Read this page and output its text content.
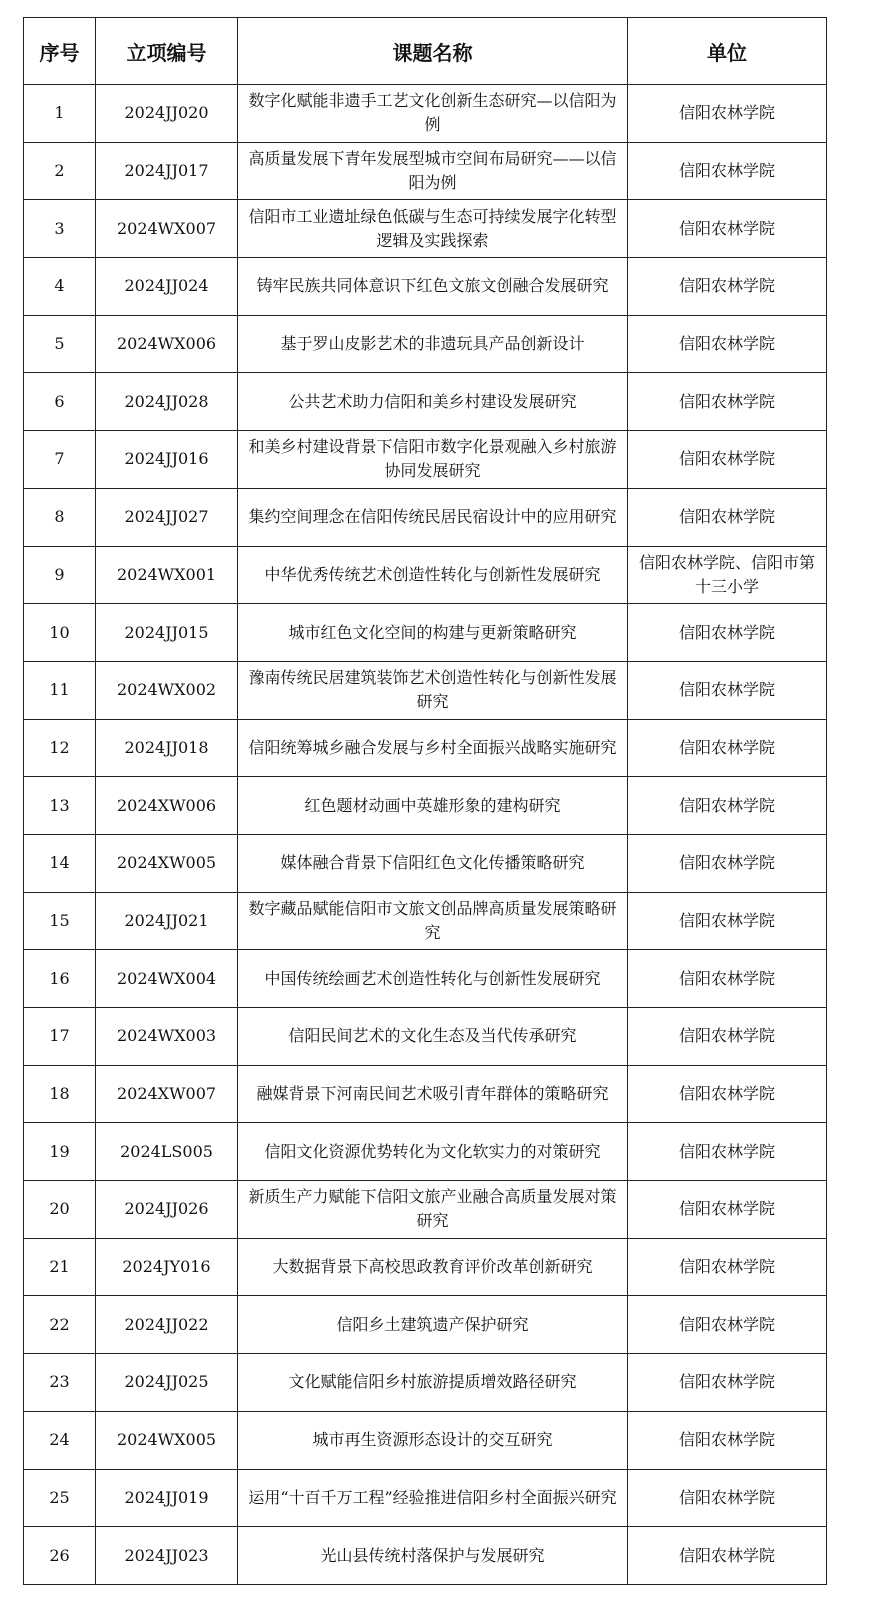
序号	立项编号	课题名称	单位
1	2024JJ020	数字化赋能非遗手工艺文化创新生态研究—以信阳为例	信阳农林学院
2	2024JJ017	高质量发展下青年发展型城市空间布局研究——以信阳为例	信阳农林学院
3	2024WX007	信阳市工业遗址绿色低碳与生态可持续发展字化转型逻辑及实践探索	信阳农林学院
4	2024JJ024	铸牢民族共同体意识下红色文旅文创融合发展研究	信阳农林学院
5	2024WX006	基于罗山皮影艺术的非遗玩具产品创新设计	信阳农林学院
6	2024JJ028	公共艺术助力信阳和美乡村建设发展研究	信阳农林学院
7	2024JJ016	和美乡村建设背景下信阳市数字化景观融入乡村旅游协同发展研究	信阳农林学院
8	2024JJ027	集约空间理念在信阳传统民居民宿设计中的应用研究	信阳农林学院
9	2024WX001	中华优秀传统艺术创造性转化与创新性发展研究	信阳农林学院、信阳市第十三小学
10	2024JJ015	城市红色文化空间的构建与更新策略研究	信阳农林学院
11	2024WX002	豫南传统民居建筑装饰艺术创造性转化与创新性发展研究	信阳农林学院
12	2024JJ018	信阳统筹城乡融合发展与乡村全面振兴战略实施研究	信阳农林学院
13	2024XW006	红色题材动画中英雄形象的建构研究	信阳农林学院
14	2024XW005	媒体融合背景下信阳红色文化传播策略研究	信阳农林学院
15	2024JJ021	数字藏品赋能信阳市文旅文创品牌高质量发展策略研究	信阳农林学院
16	2024WX004	中国传统绘画艺术创造性转化与创新性发展研究	信阳农林学院
17	2024WX003	信阳民间艺术的文化生态及当代传承研究	信阳农林学院
18	2024XW007	融媒背景下河南民间艺术吸引青年群体的策略研究	信阳农林学院
19	2024LS005	信阳文化资源优势转化为文化软实力的对策研究	信阳农林学院
20	2024JJ026	新质生产力赋能下信阳文旅产业融合高质量发展对策研究	信阳农林学院
21	2024JY016	大数据背景下高校思政教育评价改革创新研究	信阳农林学院
22	2024JJ022	信阳乡土建筑遗产保护研究	信阳农林学院
23	2024JJ025	文化赋能信阳乡村旅游提质增效路径研究	信阳农林学院
24	2024WX005	城市再生资源形态设计的交互研究	信阳农林学院
25	2024JJ019	运用“十百千万工程”经验推进信阳乡村全面振兴研究	信阳农林学院
26	2024JJ023	光山县传统村落保护与发展研究	信阳农林学院
